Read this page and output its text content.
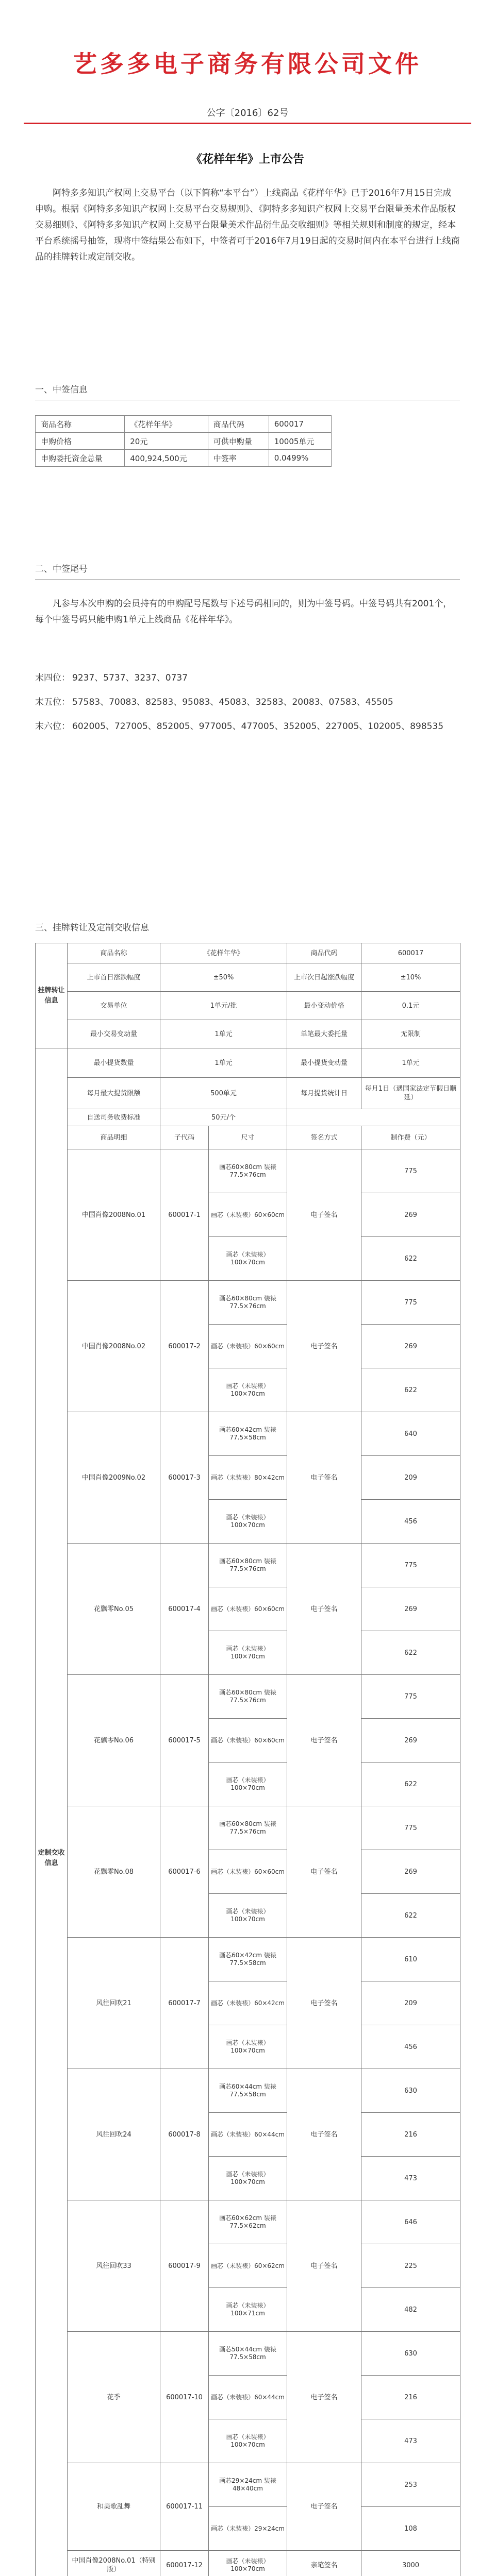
艺多多电子商务有限公司文件
公字〔2016〕62号
《花样年华》上市公告
阿特多多知识产权网上交易平台（以下简称“本平台”）上线商品《花样年华》已于2016年7月15日完成申购。根据《阿特多多知识产权网上交易平台交易规则》、《阿特多多知识产权网上交易平台限量美术作品版权交易细则》、《阿特多多知识产权网上交易平台限量美术作品衍生品交收细则》等相关规则和制度的规定，经本平台系统摇号抽签，现将中签结果公布如下，中签者可于2016年7月19日起的交易时间内在本平台进行上线商品的挂牌转让或定制交收。
一、中签信息
商品名称	《花样年华》	商品代码	600017
申购价格	20元	可供申购量	10005单元
申购委托资金总量	400,924,500元	中签率	0.0499%
二、中签尾号
凡参与本次申购的会员持有的申购配号尾数与下述号码相同的，则为中签号码。中签号码共有2001个，每个中签号码只能申购1单元上线商品《花样年华》。
末四位： 9237、5737、3237、0737
末五位： 57583、70083、82583、95083、45083、32583、20083、07583、45505
末六位： 602005、727005、852005、977005、477005、352005、227005、102005、898535
三、挂牌转让及定制交收信息
挂牌转让信息	商品名称	《花样年华》		商品代码	600017
	上市首日涨跌幅度	±50%		上市次日起涨跌幅度	±10%
	交易单位	1单元/批		最小变动价格	0.1元
	最小交易变动量	1单元		单笔最大委托量	无限制
定制交收信息	最小提货数量	1单元		最小提货变动量	1单元
	每月最大提货限额	500单元		每月提货统计日	每月1日（遇国家法定节假日顺延）
	自送司务收费标准	50元/个			
	商品明细	子代码	尺寸	签名方式	制作费（元）
	中国肖像2008No.01	600017-1	画芯60×80cm 装裱77.5×76cm	电子签名	775
			画芯（未装裱）60×60cm		269
			画芯（未装裱）100×70cm		622
	中国肖像2008No.02	600017-2	画芯60×80cm 装裱77.5×76cm	电子签名	775
			画芯（未装裱）60×60cm		269
			画芯（未装裱）100×70cm		622
	中国肖像2009No.02	600017-3	画芯60×42cm 装裱77.5×58cm	电子签名	640
			画芯（未装裱）80×42cm		209
			画芯（未装裱）100×70cm		456
	花飘零No.05	600017-4	画芯60×80cm 装裱77.5×76cm	电子签名	775
			画芯（未装裱）60×60cm		269
			画芯（未装裱）100×70cm		622
	花飘零No.06	600017-5	画芯60×80cm 装裱77.5×76cm	电子签名	775
			画芯（未装裱）60×60cm		269
			画芯（未装裱）100×70cm		622
	花飘零No.08	600017-6	画芯60×80cm 装裱77.5×76cm	电子签名	775
			画芯（未装裱）60×60cm		269
			画芯（未装裱）100×70cm		622
	风往回吹21	600017-7	画芯60×42cm 装裱77.5×58cm	电子签名	610
			画芯（未装裱）60×42cm		209
			画芯（未装裱）100×70cm		456
	风往回吹24	600017-8	画芯60×44cm 装裱77.5×58cm	电子签名	630
			画芯（未装裱）60×44cm		216
			画芯（未装裱）100×70cm		473
	风往回吹33	600017-9	画芯60×62cm 装裱77.5×62cm	电子签名	646
			画芯（未装裱）60×62cm		225
			画芯（未装裱）100×71cm		482
	花季	600017-10	画芯50×44cm 装裱77.5×58cm	电子签名	630
			画芯（未装裱）60×44cm		216
			画芯（未装裱）100×70cm		473
	和美歌乱舞	600017-11	画芯29×24cm 装裱48×40cm	电子签名	253
			画芯（未装裱）29×24cm		108
	中国肖像2008No.01（特别版）	600017-12	画芯（未装裱）100×70cm	亲笔签名	3000
